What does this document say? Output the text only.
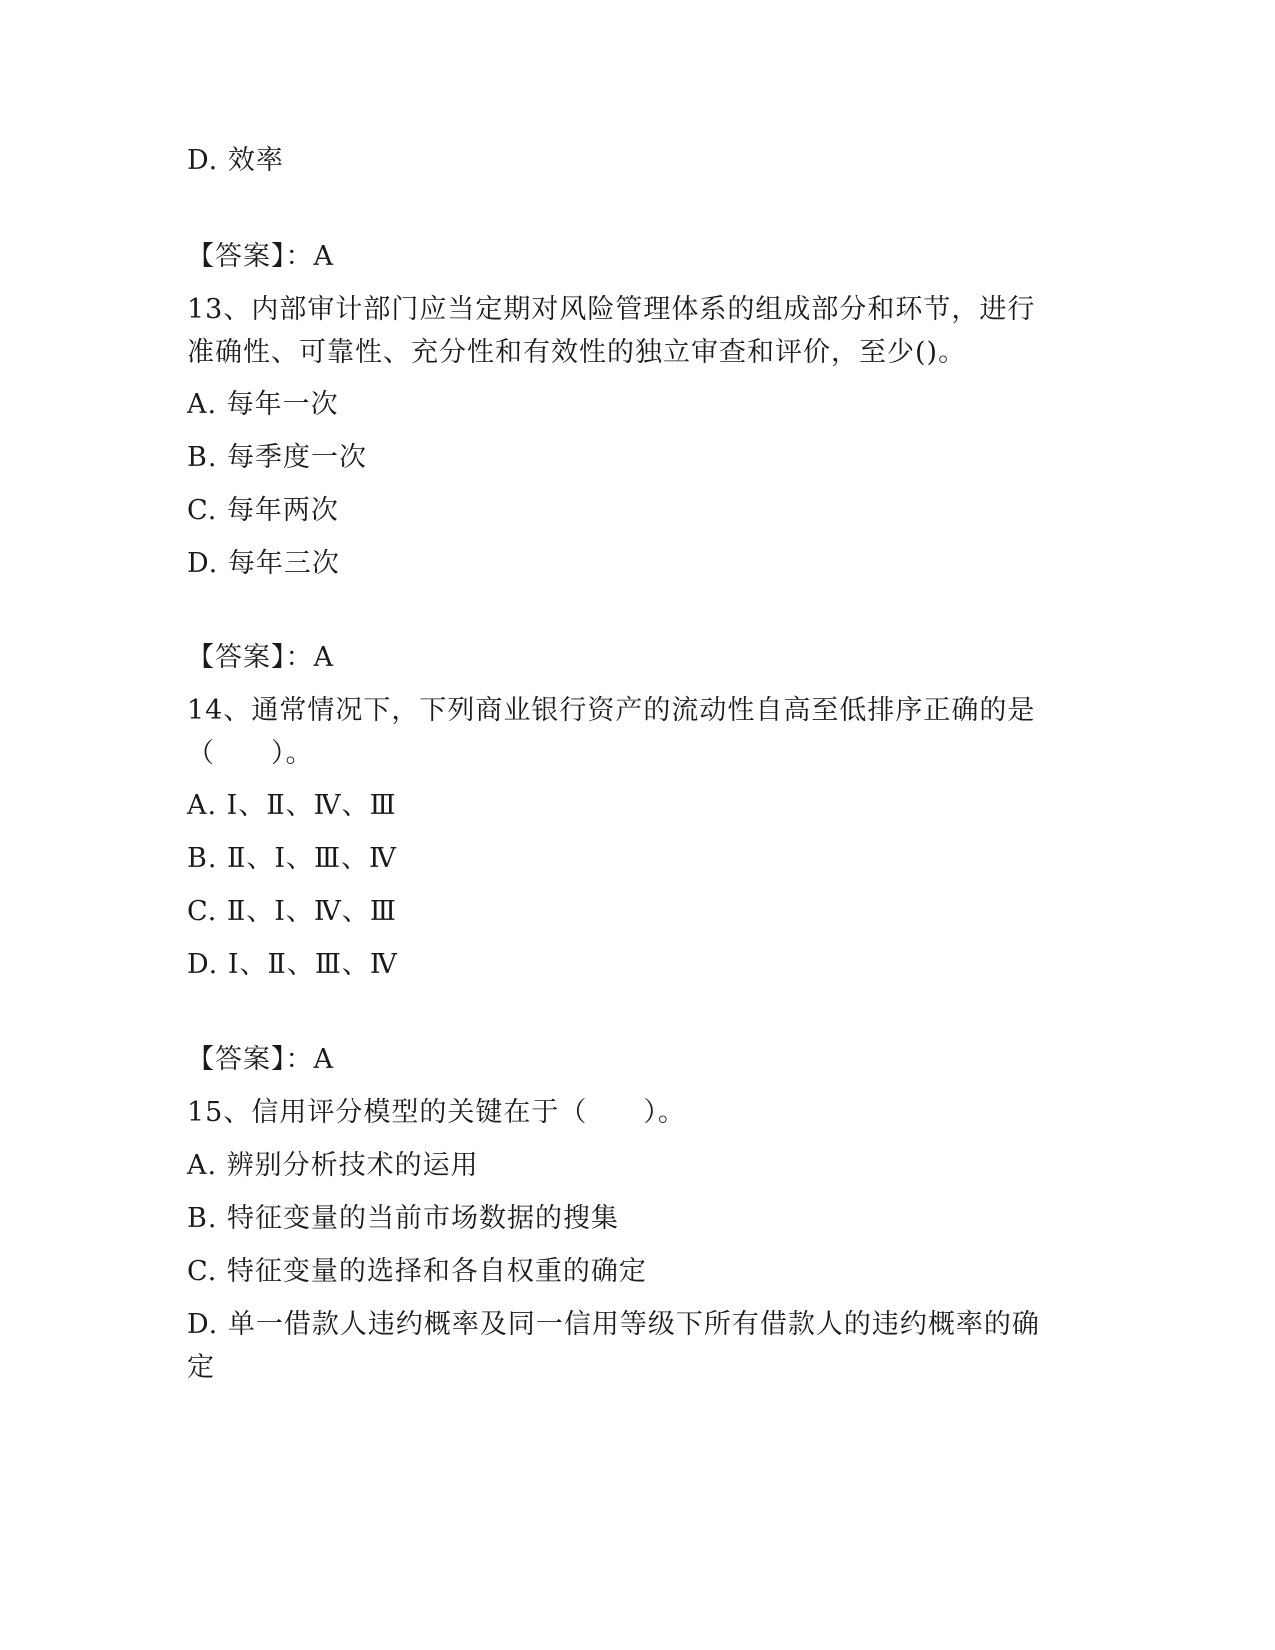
D. 效率
【答案】：A
13、内部审计部门应当定期对风险管理体系的组成部分和环节，进行
准确性、可靠性、充分性和有效性的独立审查和评价，至少()。
A. 每年一次
B. 每季度一次
C. 每年两次
D. 每年三次
【答案】：A
14、通常情况下，下列商业银行资产的流动性自高至低排序正确的是
（　　）。
A. Ⅰ、Ⅱ、Ⅳ、Ⅲ
B. Ⅱ、Ⅰ、Ⅲ、Ⅳ
C. Ⅱ、Ⅰ、Ⅳ、Ⅲ
D. Ⅰ、Ⅱ、Ⅲ、Ⅳ
【答案】：A
15、信用评分模型的关键在于（　　）。
A. 辨别分析技术的运用
B. 特征变量的当前市场数据的搜集
C. 特征变量的选择和各自权重的确定
D. 单一借款人违约概率及同一信用等级下所有借款人的违约概率的确
定
